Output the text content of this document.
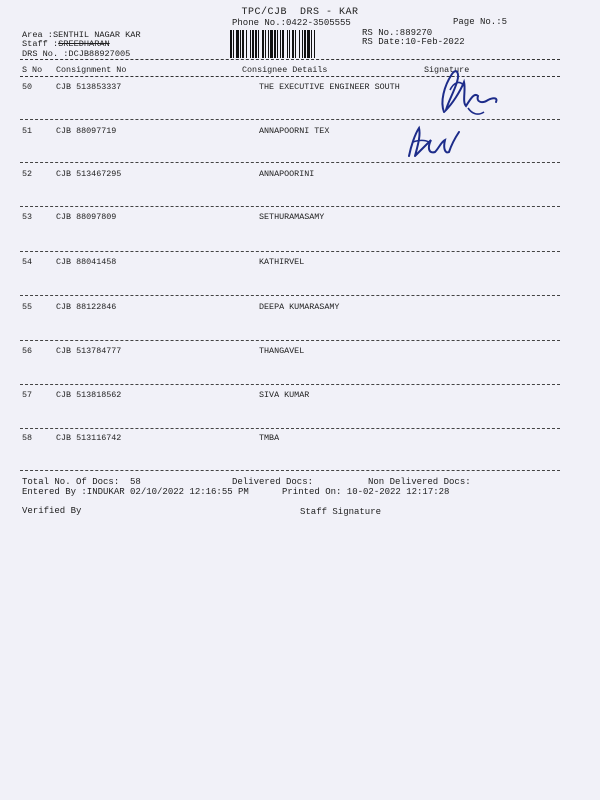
TPC/CJB  DRS - KAR
Phone No.:0422-3505555	Page No.:5
Area :SENTHIL NAGAR KAR
Staff :SREEDHARAN
DRS No. :DCJB88927005
RS No.:889270
RS Date:10-Feb-2022
S No Consignment No	Consignee Details	Signature
50	CJB 513853337	THE EXECUTIVE ENGINEER SOUTH
51	CJB 88097719	ANNAPOORNI TEX
52	CJB 513467295	ANNAPOORINI
53	CJB 88097809	SETHURAMASAMY
54	CJB 88041458	KATHIRVEL
55	CJB 88122846	DEEPA KUMARASAMY
56	CJB 513784777	THANGAVEL
57	CJB 513818562	SIVA KUMAR
58	CJB 513116742	TMBA
Total No. Of Docs:  58	Delivered Docs:	Non Delivered Docs:
Entered By :INDUKAR 02/10/2022 12:16:55 PM	Printed On: 10-02-2022 12:17:28
Verified By	Staff Signature
